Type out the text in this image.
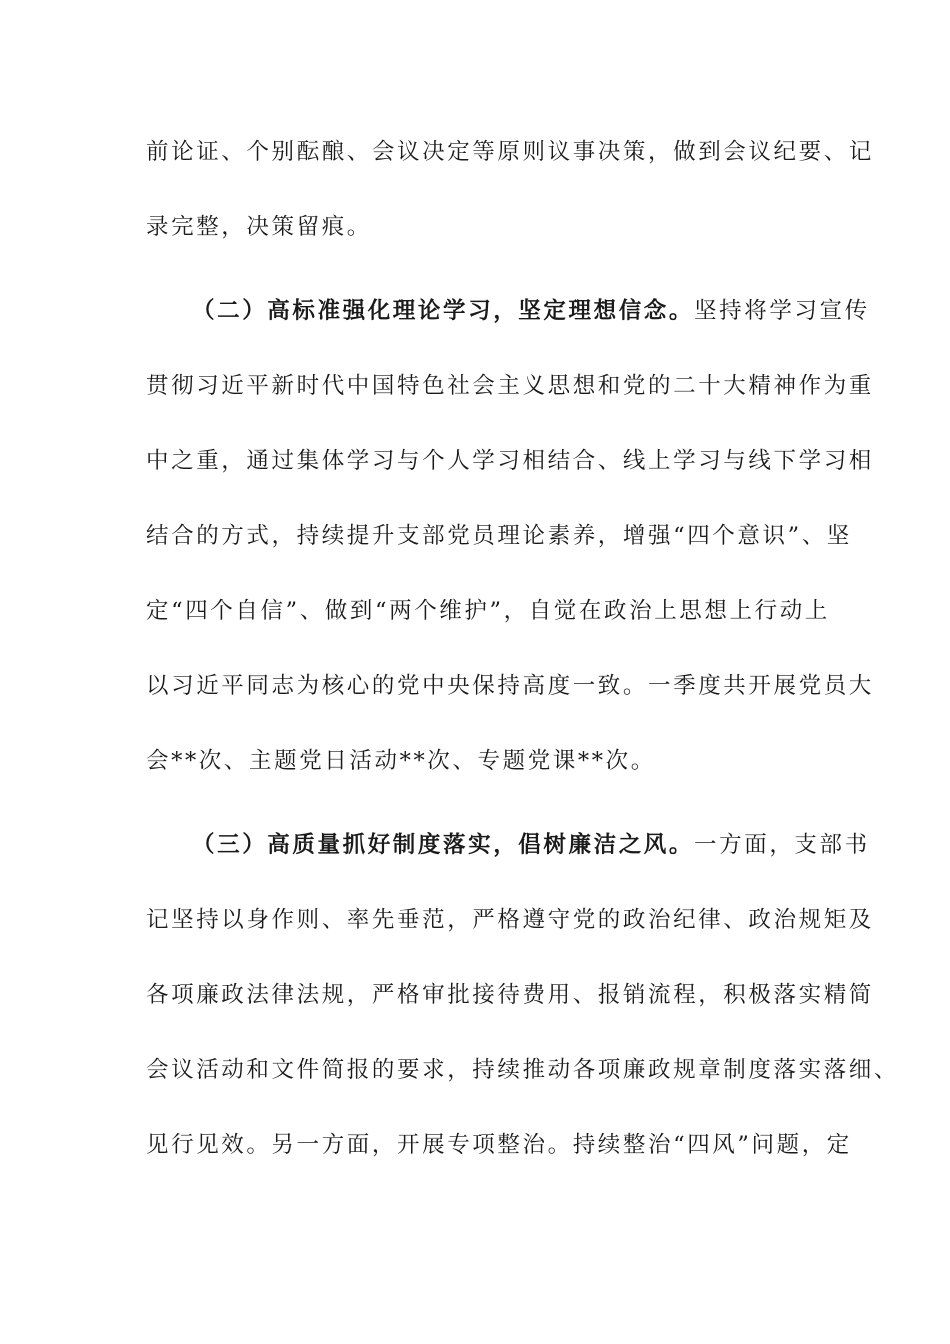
前论证、个别酝酿、会议决定等原则议事决策，做到会议纪要、记
录完整，决策留痕。
（二）高标准强化理论学习，坚定理想信念。坚持将学习宣传
贯彻习近平新时代中国特色社会主义思想和党的二十大精神作为重
中之重，通过集体学习与个人学习相结合、线上学习与线下学习相
结合的方式，持续提升支部党员理论素养，增强“四个意识”、坚
定“四个自信”、做到“两个维护”，自觉在政治上思想上行动上
以习近平同志为核心的党中央保持高度一致。一季度共开展党员大
会**次、主题党日活动**次、专题党课**次。
（三）高质量抓好制度落实，倡树廉洁之风。一方面，支部书
记坚持以身作则、率先垂范，严格遵守党的政治纪律、政治规矩及
各项廉政法律法规，严格审批接待费用、报销流程，积极落实精简
会议活动和文件简报的要求，持续推动各项廉政规章制度落实落细、
见行见效。另一方面，开展专项整治。持续整治“四风”问题，定
